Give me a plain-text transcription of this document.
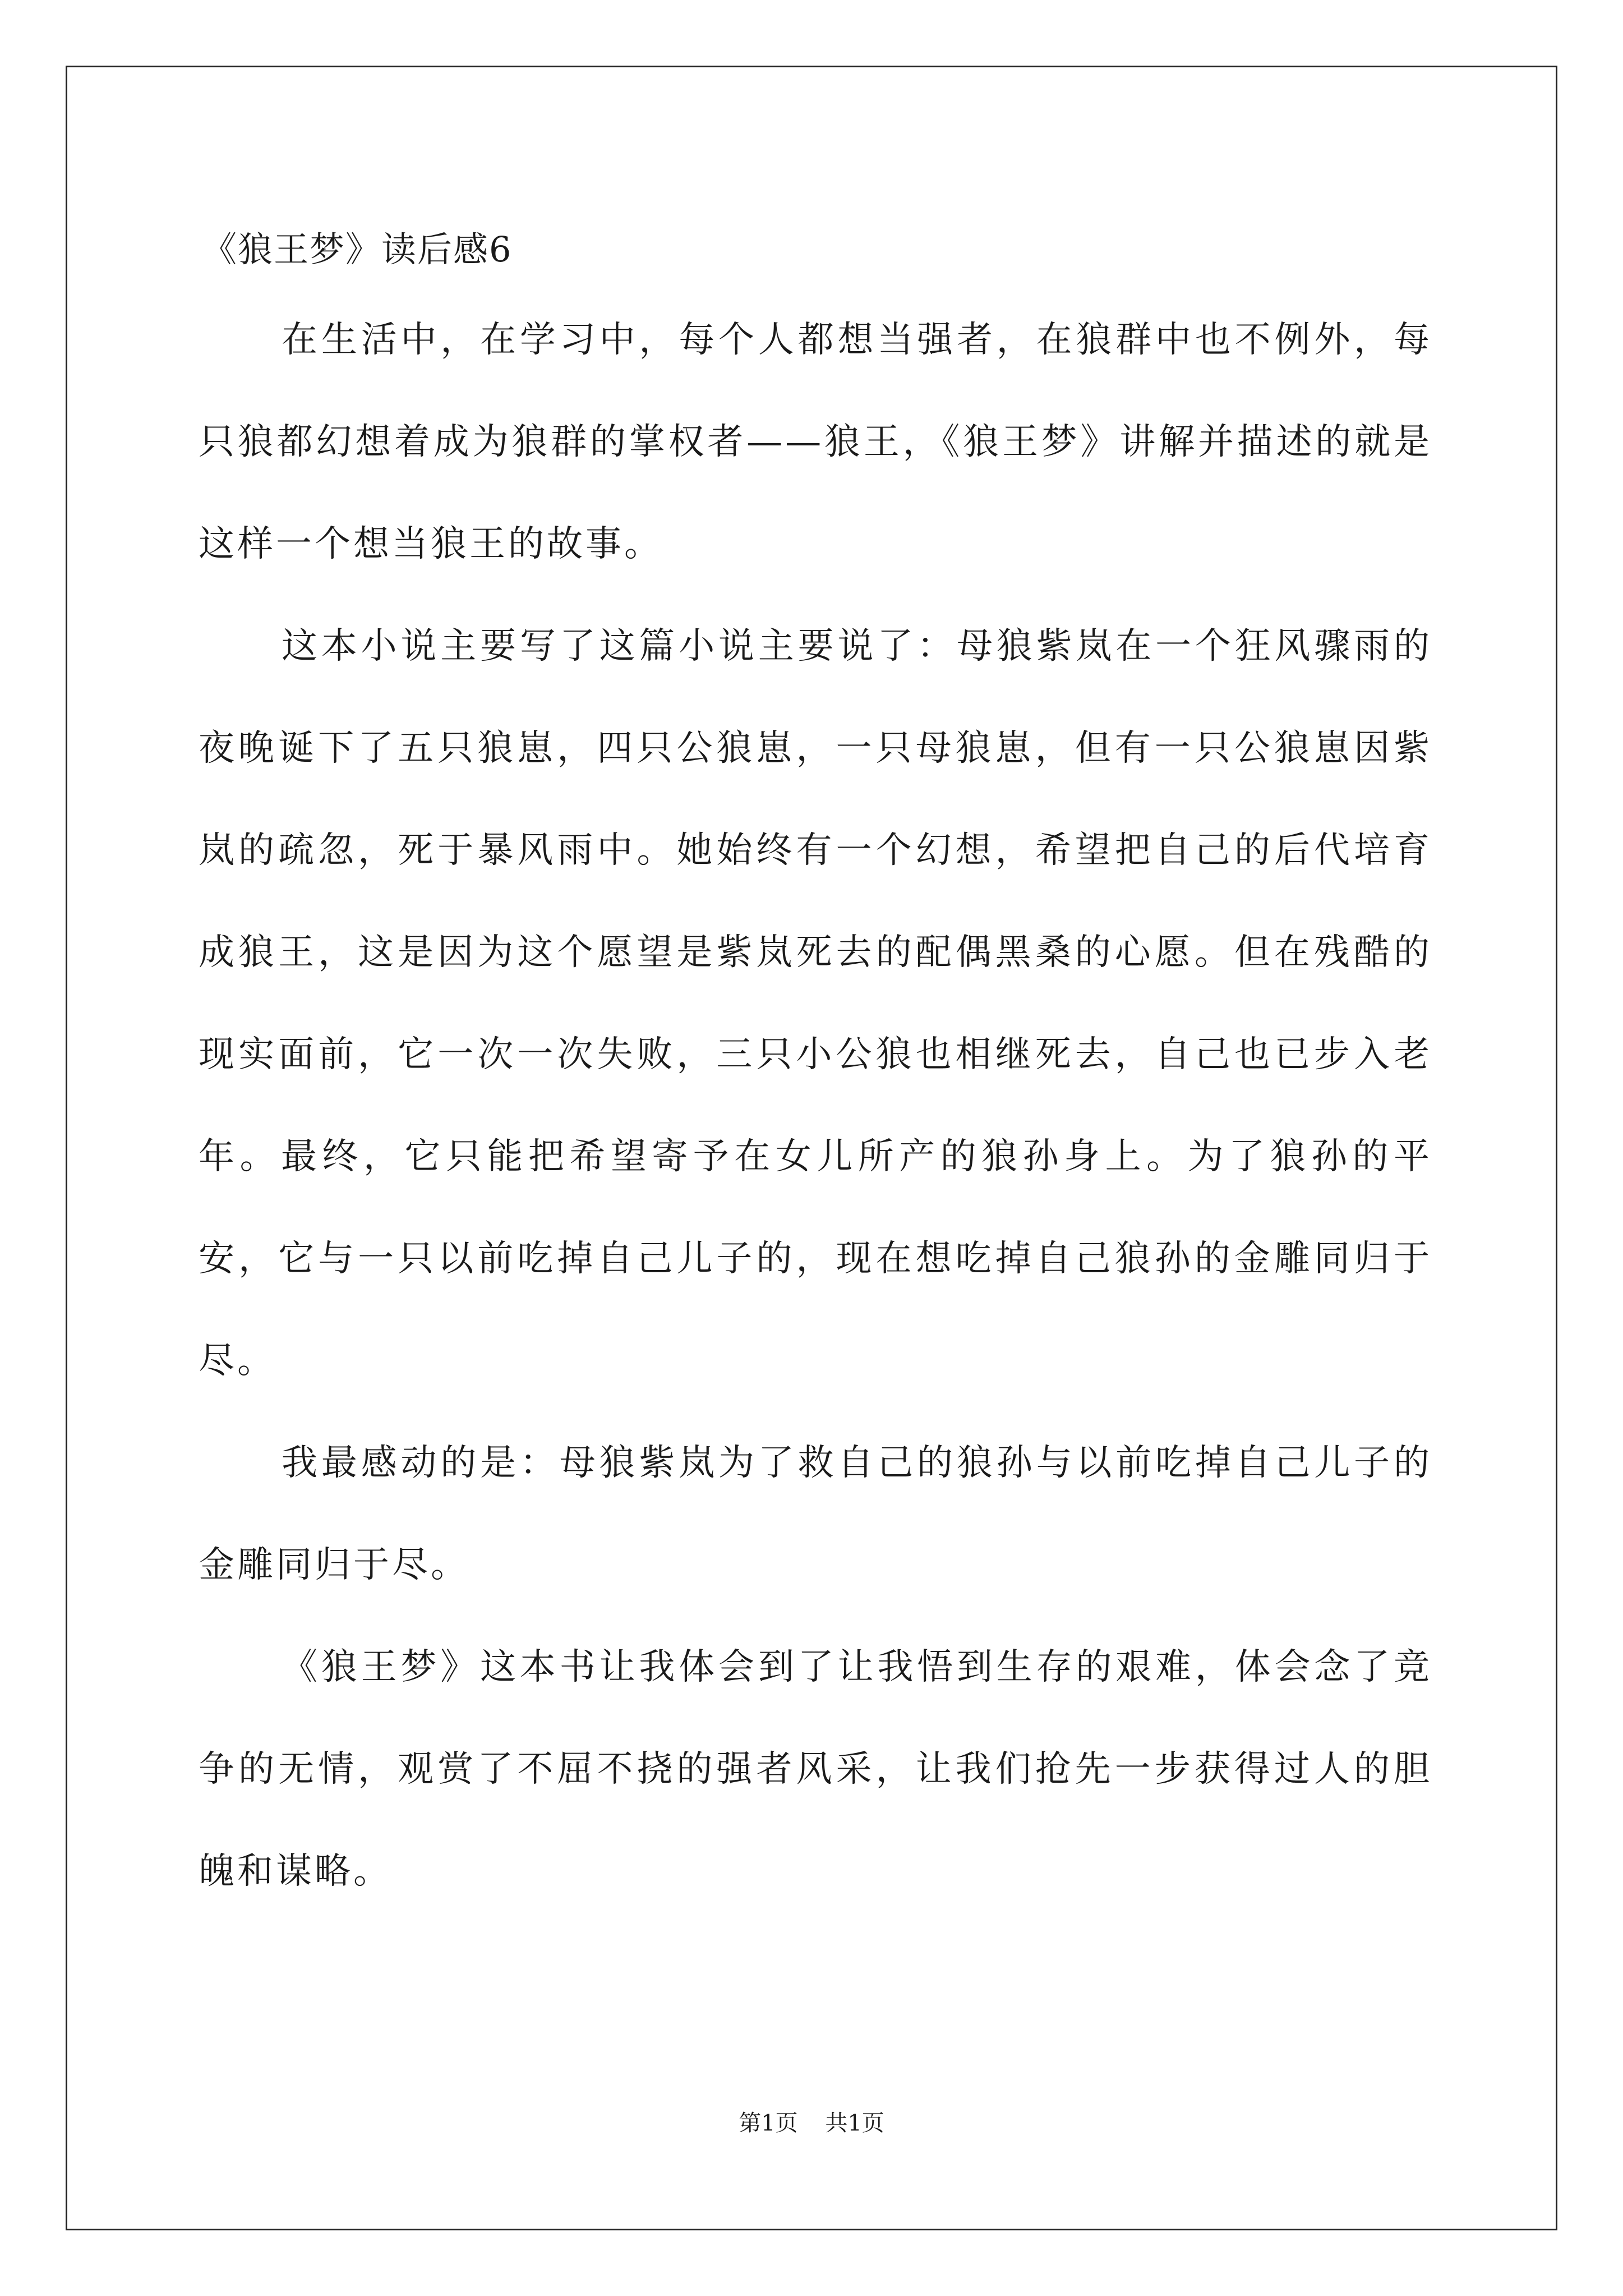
《狼王梦》读后感6

在生活中，在学习中，每个人都想当强者，在狼群中也不例外，每只狼都幻想着成为狼群的掌权者——狼王，《狼王梦》讲解并描述的就是这样一个想当狼王的故事。

这本小说主要写了这篇小说主要说了：母狼紫岚在一个狂风骤雨的夜晚诞下了五只狼崽，四只公狼崽，一只母狼崽，但有一只公狼崽因紫岚的疏忽，死于暴风雨中。她始终有一个幻想，希望把自己的后代培育成狼王，这是因为这个愿望是紫岚死去的配偶黑桑的心愿。但在残酷的现实面前，它一次一次失败，三只小公狼也相继死去，自己也已步入老年。最终，它只能把希望寄予在女儿所产的狼孙身上。为了狼孙的平安，它与一只以前吃掉自己儿子的，现在想吃掉自己狼孙的金雕同归于尽。

我最感动的是：母狼紫岚为了救自己的狼孙与以前吃掉自己儿子的金雕同归于尽。

《狼王梦》这本书让我体会到了让我悟到生存的艰难，体会念了竞争的无情，观赏了不屈不挠的强者风采，让我们抢先一步获得过人的胆魄和谋略。

第1页 共1页
